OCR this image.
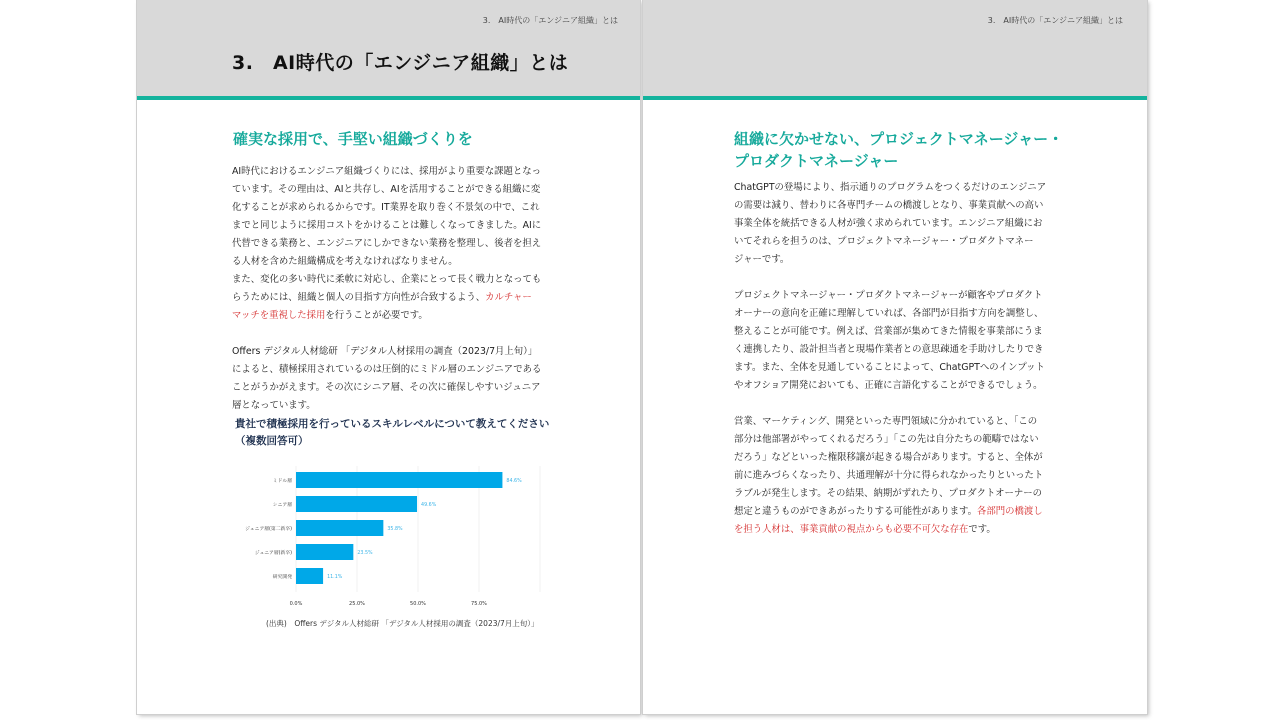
3.　AI時代の「エンジニア組織」とは
3.　AI時代の「エンジニア組織」とは
確実な採用で、手堅い組織づくりを

AI時代におけるエンジニア組織づくりには、採用がより重要な課題となっ

ています。その理由は、AIと共存し、AIを活用することができる組織に変

化することが求められるからです。IT業界を取り巻く不景気の中で、これ

までと同じように採用コストをかけることは難しくなってきました。AIに

代替できる業務と、エンジニアにしかできない業務を整理し、後者を担え

る人材を含めた組織構成を考えなければなりません。

また、変化の多い時代に柔軟に対応し、企業にとって長く戦力となっても

らうためには、組織と個人の目指す方向性が合致するよう、カルチャー

マッチを重視した採用を行うことが必要です。

Offers デジタル人材総研 「デジタル人材採用の調査（2023/7月上旬）」

によると、積極採用されているのは圧倒的にミドル層のエンジニアである

ことがうかがえます。その次にシニア層、その次に確保しやすいジュニア

層となっています。

貴社で積極採用を行っているスキルレベルについて教えてください（複数回答可）
ミドル層	84.6%
シニア層	49.6%
ジュニア層(第二新卒)	35.8%
ジュニア層(新卒)	23.5%
研究開発	11.1%
0.0%	25.0%	50.0%	75.0%
(出典)　Offers デジタル人材総研 「デジタル人材採用の調査（2023/7月上旬）」
3.　AI時代の「エンジニア組織」とは
組織に欠かせない、プロジェクトマネージャー・
プロダクトマネージャー

ChatGPTの登場により、指示通りのプログラムをつくるだけのエンジニア

の需要は減り、替わりに各専門チームの橋渡しとなり、事業貢献への高い

事業全体を統括できる人材が強く求められています。エンジニア組織にお

いてそれらを担うのは、プロジェクトマネージャー・プロダクトマネー

ジャーです。

プロジェクトマネージャー・プロダクトマネージャーが顧客やプロダクト

オーナーの意向を正確に理解していれば、各部門が目指す方向を調整し、

整えることが可能です。例えば、営業部が集めてきた情報を事業部にうま

く連携したり、設計担当者と現場作業者との意思疎通を手助けしたりでき

ます。また、全体を見通していることによって、ChatGPTへのインプット

やオフショア開発においても、正確に言語化することができるでしょう。

営業、マーケティング、開発といった専門領域に分かれていると、「この

部分は他部署がやってくれるだろう」「この先は自分たちの範疇ではない

だろう」などといった権限移譲が起きる場合があります。すると、全体が

前に進みづらくなったり、共通理解が十分に得られなかったりといったト

ラブルが発生します。その結果、納期がずれたり、プロダクトオーナーの

想定と違うものができあがったりする可能性があります。各部門の橋渡し

を担う人材は、事業貢献の視点からも必要不可欠な存在です。
